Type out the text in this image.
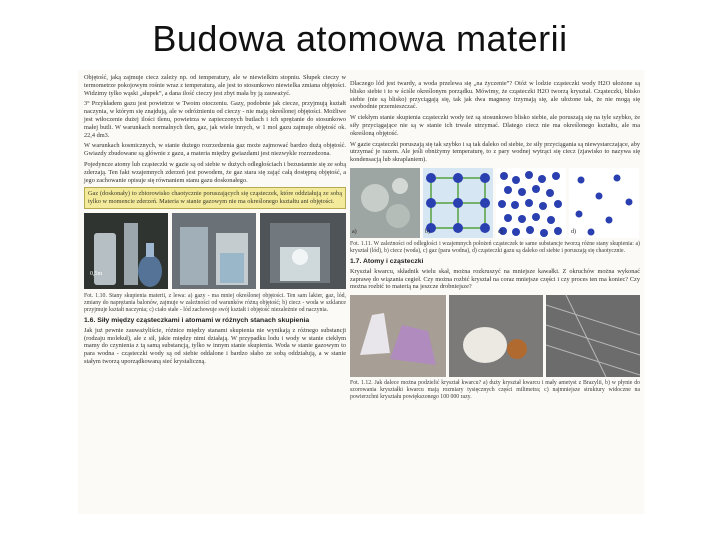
Budowa atomowa materii

Objętość, jaką zajmuje ciecz zależy np. od temperatury, ale w niewielkim stopniu. Słupek cieczy w termometrze pokojowym rośnie wraz z temperaturą, ale jest to stosunkowo niewielka zmiana objętości. Widzimy tylko wąski „słupek”, a dana ilość cieczy jest zbyt mała by ją zauważyć.

3° Przykładem gazu jest powietrze w Twoim otoczeniu. Gazy, podobnie jak ciecze, przyjmują kształt naczynia, w którym się znajdują, ale w odróżnieniu od cieczy - nie mają określonej objętości. Możliwe jest wtłoczenie dużej ilości tlenu, powietrza w zapieczonych butlach i ich sprężanie do stosunkowo małej butli. W warunkach normalnych tlen, gaz, jak wiele innych, w 1 mol gazu zajmuje objętość ok. 22,4 dm3.

W warunkach kosmicznych, w stanie dużego rozrzedzenia gaz może zajmować bardzo dużą objętość. Gwiazdy zbudowane są głównie z gazu, a materia między gwiazdami jest niezwykle rozrzedzona.

Pojedyncze atomy lub cząsteczki w gazie są od siebie w dużych odległościach i bezustannie się ze sobą zderzają. Ten fakt wzajemnych zderzeń jest powodem, że gaz stara się zająć całą dostępną objętość, a jego zachowanie opisuje się równaniem stanu gazu doskonałego.

Gaz (doskonały) to zbiorowisko chaotycznie poruszających się cząsteczek, które oddziałują ze sobą tylko w momencie zderzeń. Materia w stanie gazowym nie ma określonego kształtu ani objętości.
0,5m

Fot. 1.10. Stany skupienia materii, z lewa: a) gazy - ma mniej określonej objętości. Ten sam lakier, gaz, lód, zmiany do naprężania balonów, zajmuje w zależności od warunków różną objętość; b) ciecz - woda w szklance przyjmuje kształt naczynia; c) ciało stałe - lód zachowuje swój kształt i objętość niezależnie od naczynia.

1.6. Siły między cząsteczkami i atomami w różnych stanach skupienia

Jak już pewnie zauważyliście, różnice między stanami skupienia nie wynikają z różnego substancji (rodzaju molekuł), ale z sił, jakie między nimi działają. W przypadku lodu i wody w stanie ciekłym mamy do czynienia z tą samą substancją, tylko w innym stanie skupienia. Woda w stanie gazowym to para wodna - cząsteczki wody są od siebie oddalone i bardzo słabo ze sobą oddziałują, a w stanie stałym tworzą uporządkowaną sieć krystaliczną.

Dlaczego lód jest twardy, a woda przelewa się „na życzenie”? Otóż w lodzie cząsteczki wody H2O ułożone są blisko siebie i to w ściśle określonym porządku. Mówimy, że cząsteczki H2O tworzą kryształ. Cząsteczki, blisko siebie (nie są blisko) przyciągają się, tak jak dwa magnesy trzymają się, ale ułożone tak, że nie mogą się swobodnie przemieszczać.

W ciekłym stanie skupienia cząsteczki wody też są stosunkowo blisko siebie, ale poruszają się na tyle szybko, że siły przyciągające nie są w stanie ich trwale utrzymać. Dlatego ciecz nie ma określonego kształtu, ale ma określoną objętość.

W gazie cząsteczki poruszają się tak szybko i są tak daleko od siebie, że siły przyciągania są niewystarczające, aby utrzymać je razem. Ale jeśli obniżymy temperaturę, to z pary wodnej wytrąci się ciecz (zjawisko to nazywa się kondensacją lub skraplaniem).

a)	b)	c)	d)

Fot. 1.11. W zależności od odległości i wzajemnych położeń cząsteczek te same substancje tworzą różne stany skupienia: a) kryształ (lód), b) ciecz (woda), c) gaz (para wodna), d) cząsteczki gazu są daleko od siebie i poruszają się chaotycznie.

1.7. Atomy i cząsteczki

Kryształ kwarcu, składnik wielu skał, można rozkruszyć na mniejsze kawałki. Z okruchów można wykonać zaprawę do wiązania cegieł. Czy można rozbić kryształ na coraz mniejsze części i czy proces ten ma koniec? Czy można rozbić to materią na jeszcze drobniejsze?

Fot. 1.12. Jak dalece można podzielić kryształ kwarcu? a) duży kryształ kwarcu i mały ametyst z Brazylii, b) w płynie do szorowania kryształki kwarcu mają rozmiary tysięcznych części milimetra; c) najmniejsze struktury widoczne na powierzchni kryształu powiększonego 100 000 razy.
